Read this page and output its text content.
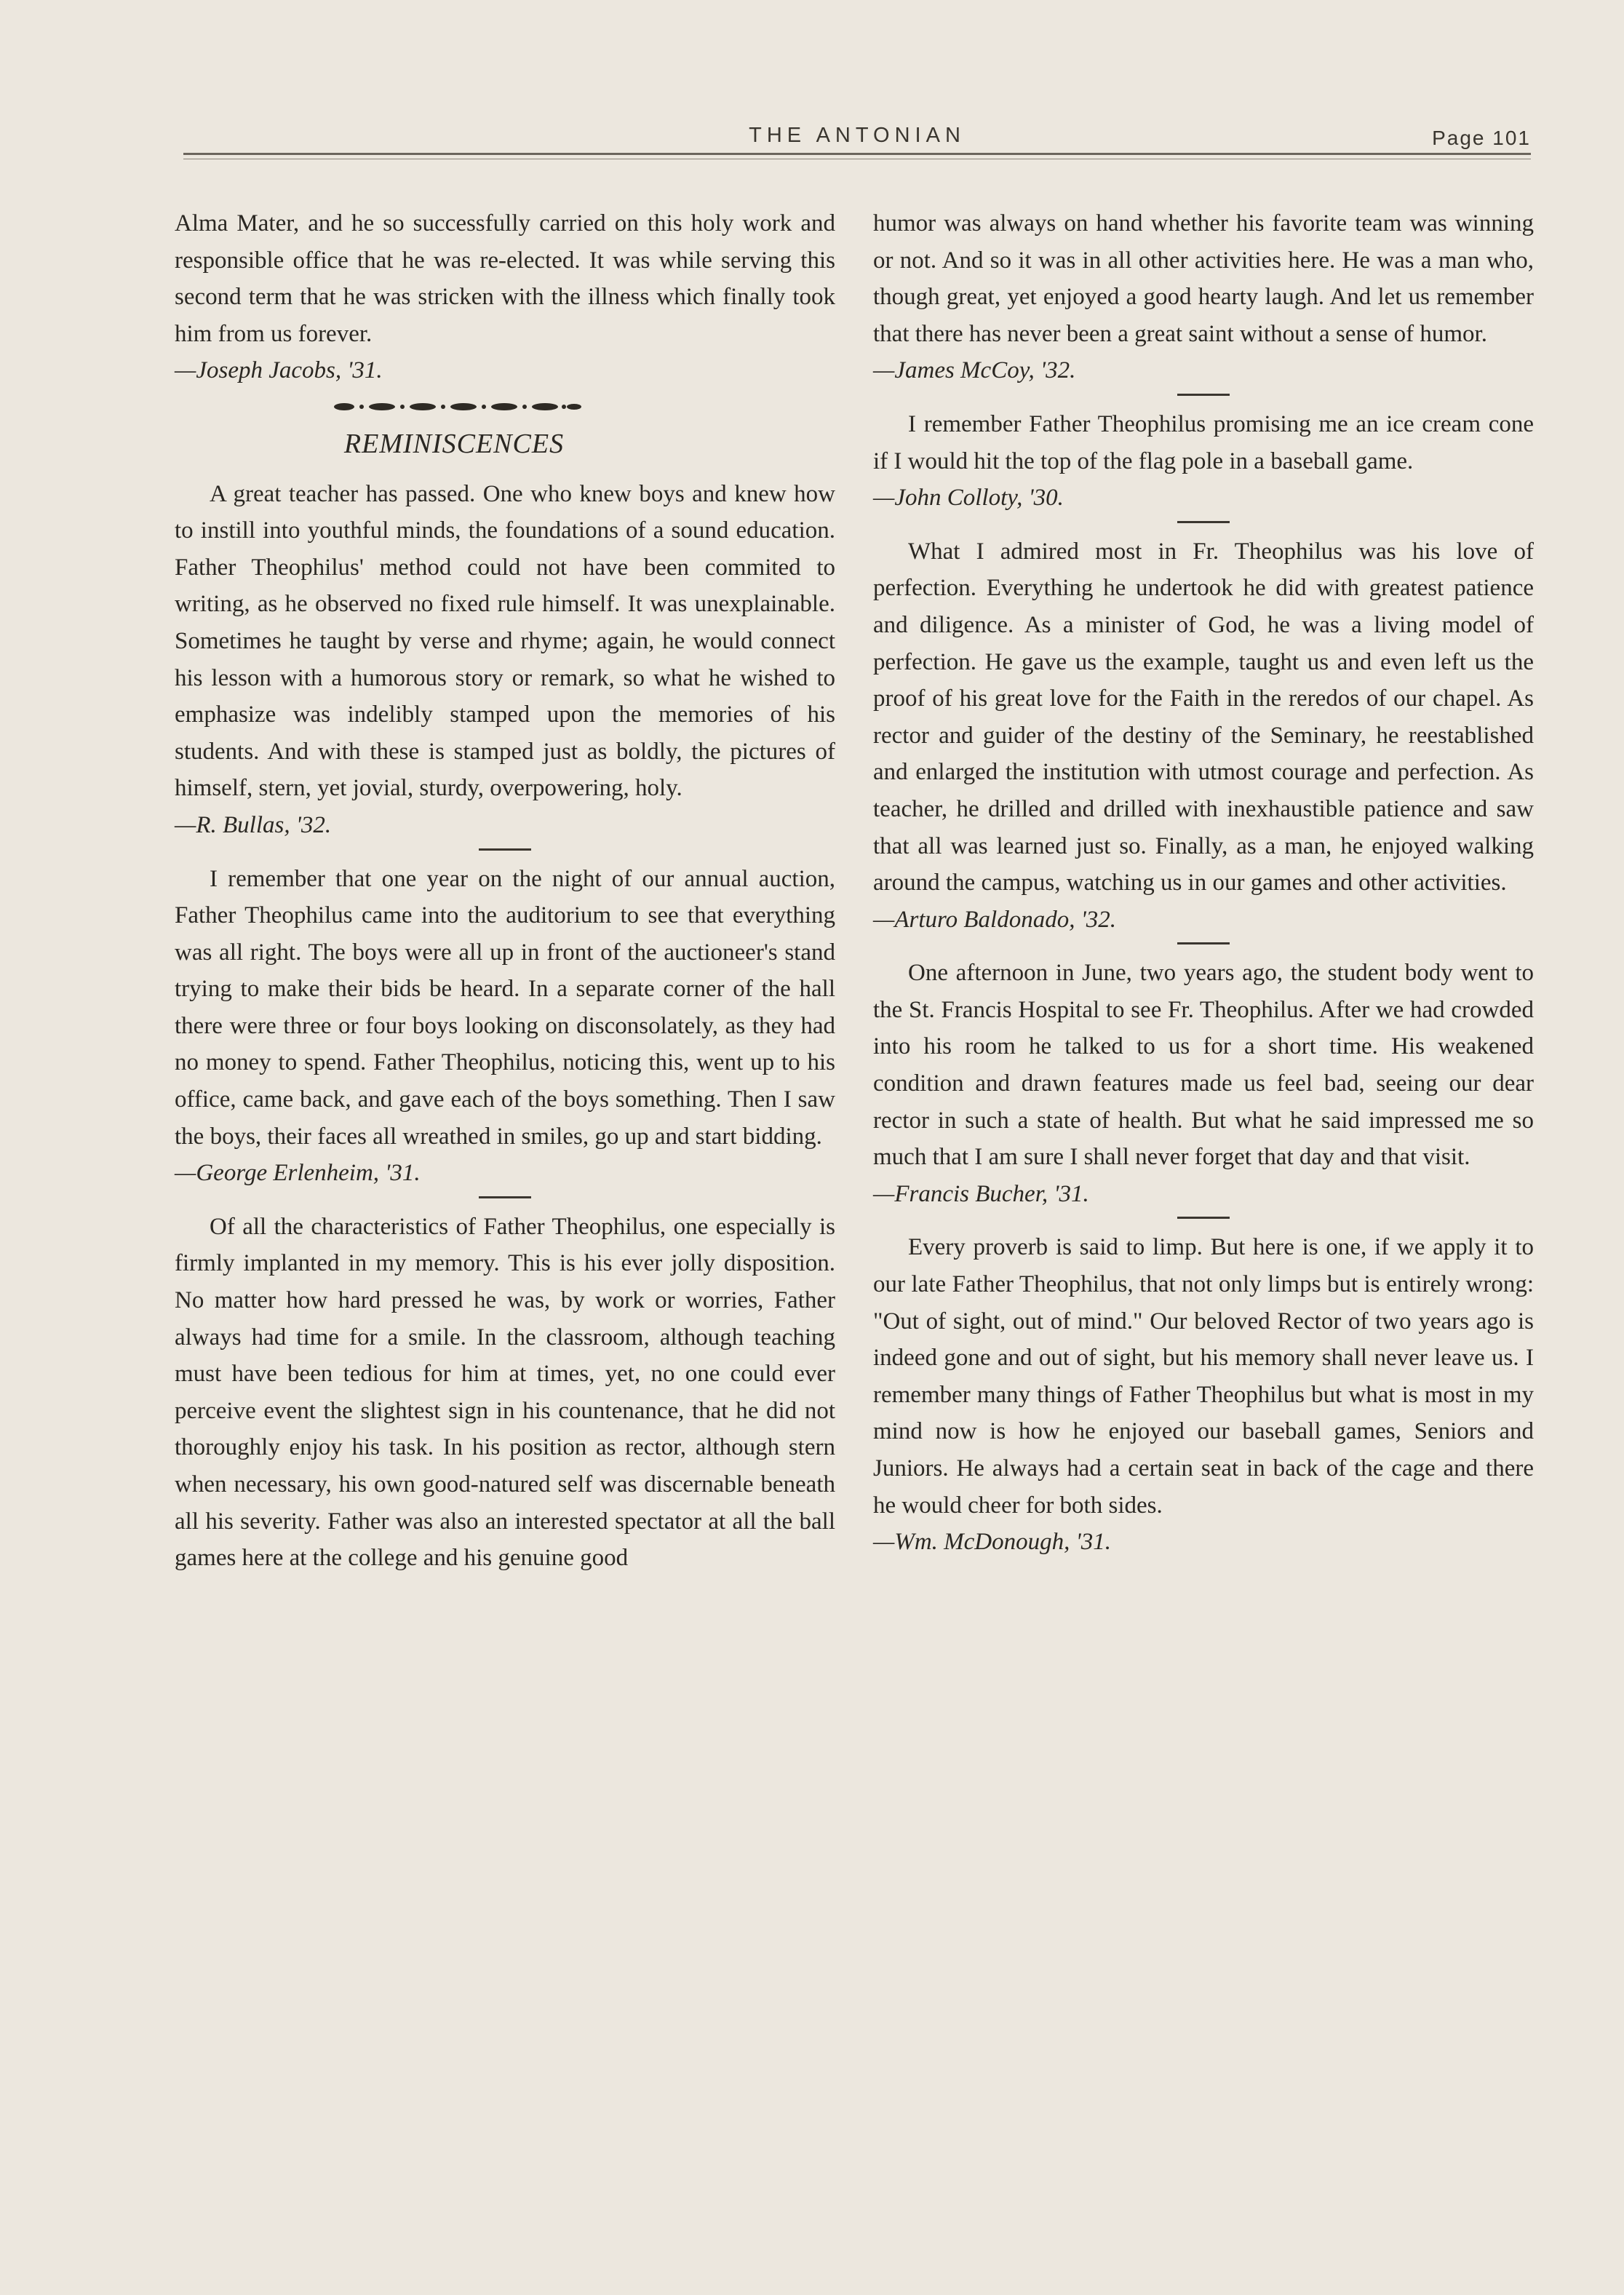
THE ANTONIAN	Page 101

Alma Mater, and he so successfully carried on this holy work and responsible office that he was re-elected. It was while serving this second term that he was stricken with the illness which finally took him from us forever.

—Joseph Jacobs, '31.

REMINISCENCES

A great teacher has passed. One who knew boys and knew how to instill into youthful minds, the foundations of a sound education. Father Theophilus' method could not have been commited to writing, as he observed no fixed rule himself. It was unexplainable. Sometimes he taught by verse and rhyme; again, he would connect his lesson with a humorous story or remark, so what he wished to emphasize was indelibly stamped upon the memories of his students. And with these is stamped just as boldly, the pictures of himself, stern, yet jovial, sturdy, overpowering, holy.

—R. Bullas, '32.

I remember that one year on the night of our annual auction, Father Theophilus came into the auditorium to see that everything was all right. The boys were all up in front of the auctioneer's stand trying to make their bids be heard. In a separate corner of the hall there were three or four boys looking on disconsolately, as they had no money to spend. Father Theophilus, noticing this, went up to his office, came back, and gave each of the boys something. Then I saw the boys, their faces all wreathed in smiles, go up and start bidding.

—George Erlenheim, '31.

Of all the characteristics of Father Theophilus, one especially is firmly implanted in my memory. This is his ever jolly disposition. No matter how hard pressed he was, by work or worries, Father always had time for a smile. In the classroom, although teaching must have been tedious for him at times, yet, no one could ever perceive event the slightest sign in his countenance, that he did not thoroughly enjoy his task. In his position as rector, although stern when necessary, his own good-natured self was discernable beneath all his severity. Father was also an interested spectator at all the ball games here at the college and his genuine good

humor was always on hand whether his favorite team was winning or not. And so it was in all other activities here. He was a man who, though great, yet enjoyed a good hearty laugh. And let us remember that there has never been a great saint without a sense of humor.

—James McCoy, '32.

I remember Father Theophilus promising me an ice cream cone if I would hit the top of the flag pole in a baseball game.

—John Colloty, '30.

What I admired most in Fr. Theophilus was his love of perfection. Everything he undertook he did with greatest patience and diligence. As a minister of God, he was a living model of perfection. He gave us the example, taught us and even left us the proof of his great love for the Faith in the reredos of our chapel. As rector and guider of the destiny of the Seminary, he reestablished and enlarged the institution with utmost courage and perfection. As teacher, he drilled and drilled with inexhaustible patience and saw that all was learned just so. Finally, as a man, he enjoyed walking around the campus, watching us in our games and other activities.

—Arturo Baldonado, '32.

One afternoon in June, two years ago, the student body went to the St. Francis Hospital to see Fr. Theophilus. After we had crowded into his room he talked to us for a short time. His weakened condition and drawn features made us feel bad, seeing our dear rector in such a state of health. But what he said impressed me so much that I am sure I shall never forget that day and that visit.

—Francis Bucher, '31.

Every proverb is said to limp. But here is one, if we apply it to our late Father Theophilus, that not only limps but is entirely wrong: "Out of sight, out of mind." Our beloved Rector of two years ago is indeed gone and out of sight, but his memory shall never leave us. I remember many things of Father Theophilus but what is most in my mind now is how he enjoyed our baseball games, Seniors and Juniors. He always had a certain seat in back of the cage and there he would cheer for both sides.

—Wm. McDonough, '31.
